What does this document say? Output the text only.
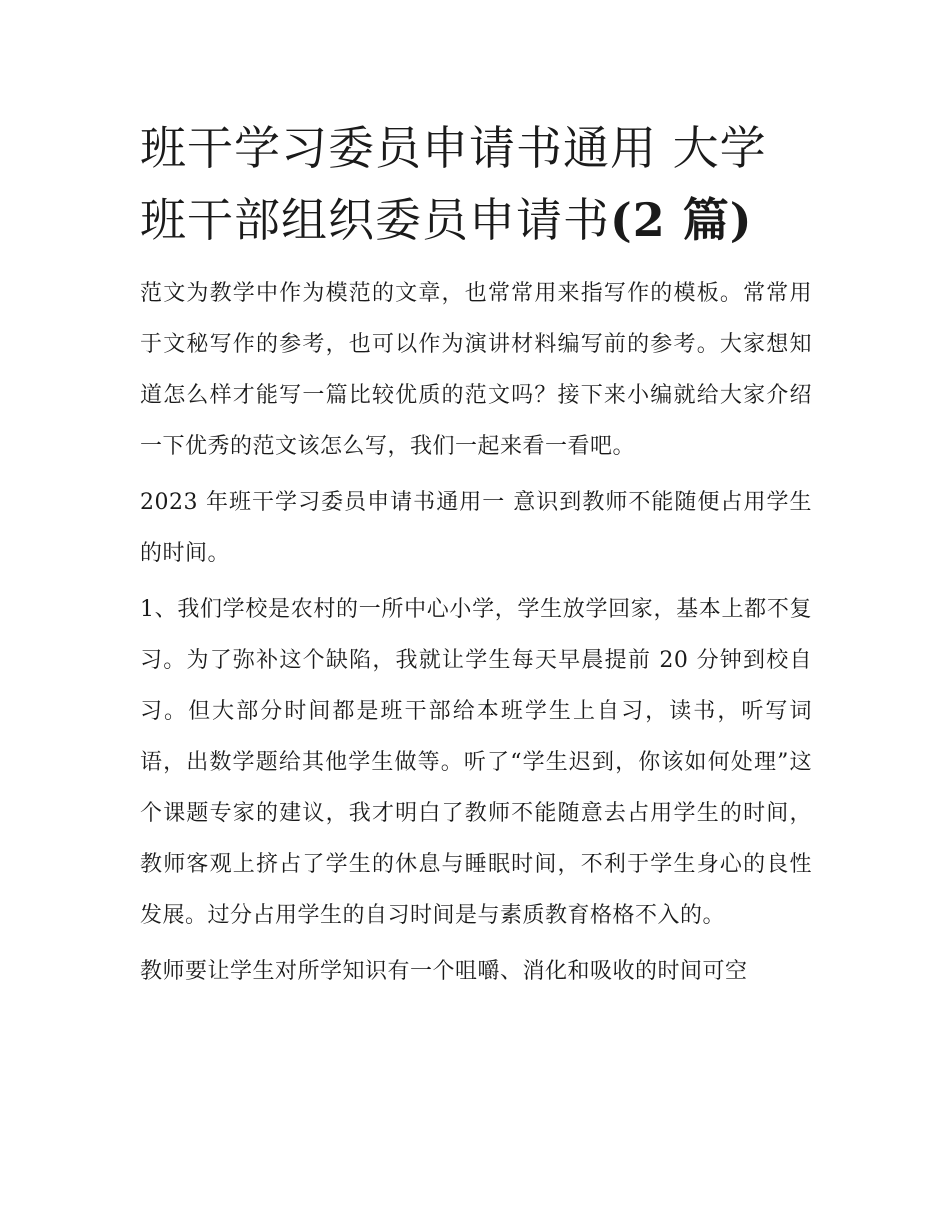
班干学习委员申请书通用 大学班干部组织委员申请书(2 篇)

范文为教学中作为模范的文章，也常常用来指写作的模板。常常用于文秘写作的参考，也可以作为演讲材料编写前的参考。大家想知道怎么样才能写一篇比较优质的范文吗？接下来小编就给大家介绍一下优秀的范文该怎么写，我们一起来看一看吧。

2023 年班干学习委员申请书通用一 意识到教师不能随便占用学生的时间。

1、我们学校是农村的一所中心小学，学生放学回家，基本上都不复习。为了弥补这个缺陷，我就让学生每天早晨提前 20 分钟到校自习。但大部分时间都是班干部给本班学生上自习，读书，听写词语，出数学题给其他学生做等。听了“学生迟到，你该如何处理”这个课题专家的建议，我才明白了教师不能随意去占用学生的时间，教师客观上挤占了学生的休息与睡眠时间，不利于学生身心的良性发展。过分占用学生的自习时间是与素质教育格格不入的。

教师要让学生对所学知识有一个咀嚼、消化和吸收的时间可空
